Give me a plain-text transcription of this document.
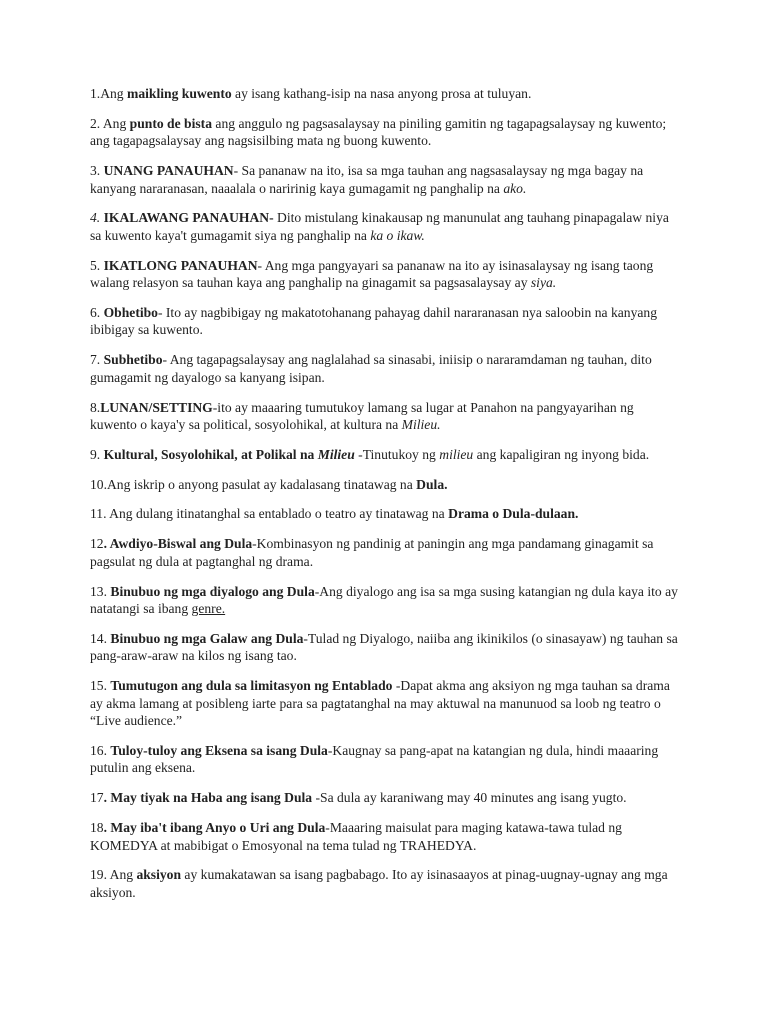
1.Ang maikling kuwento ay isang kathang-isip na nasa anyong prosa at tuluyan.

2. Ang punto de bista ang anggulo ng pagsasalaysay na piniling gamitin ng tagapagsalaysay ng kuwento; ang tagapagsalaysay ang nagsisilbing mata ng buong kuwento.

3. UNANG PANAUHAN- Sa pananaw na ito, isa sa mga tauhan ang nagsasalaysay ng mga bagay na kanyang nararanasan, naaalala o naririnig kaya gumagamit ng panghalip na ako.

4. IKALAWANG PANAUHAN- Dito mistulang kinakausap ng manunulat ang tauhang pinapagalaw niya sa kuwento kaya't gumagamit siya ng panghalip na ka o ikaw.

5. IKATLONG PANAUHAN- Ang mga pangyayari sa pananaw na ito ay isinasalaysay ng isang taong walang relasyon sa tauhan kaya ang panghalip na ginagamit sa pagsasalaysay ay siya.

6. Obhetibo- Ito ay nagbibigay ng makatotohanang pahayag dahil nararanasan nya saloobin na kanyang ibibigay sa kuwento.

7. Subhetibo- Ang tagapagsalaysay ang naglalahad sa sinasabi, iniisip o nararamdaman ng tauhan, dito gumagamit ng dayalogo sa kanyang isipan.

8.LUNAN/SETTING-ito ay maaaring tumutukoy lamang sa lugar at Panahon na pangyayarihan ng kuwento o kaya'y sa political, sosyolohikal, at kultura na Milieu.

9. Kultural, Sosyolohikal, at Polikal na Milieu -Tinutukoy ng milieu ang kapaligiran ng inyong bida.

10.Ang iskrip o anyong pasulat ay kadalasang tinatawag na Dula.

11. Ang dulang itinatanghal sa entablado o teatro ay tinatawag na Drama o Dula-dulaan.

12. Awdiyo-Biswal ang Dula-Kombinasyon ng pandinig at paningin ang mga pandamang ginagamit sa pagsulat ng dula at pagtanghal ng drama.

13. Binubuo ng mga diyalogo ang Dula-Ang diyalogo ang isa sa mga susing katangian ng dula kaya ito ay natatangi sa ibang genre.

14. Binubuo ng mga Galaw ang Dula-Tulad ng Diyalogo, naiiba ang ikinikilos (o sinasayaw) ng tauhan sa pang-araw-araw na kilos ng isang tao.

15. Tumutugon ang dula sa limitasyon ng Entablado -Dapat akma ang aksiyon ng mga tauhan sa drama ay akma lamang at posibleng iarte para sa pagtatanghal na may aktuwal na manunuod sa loob ng teatro o “Live audience.”

16. Tuloy-tuloy ang Eksena sa isang Dula-Kaugnay sa pang-apat na katangian ng dula, hindi maaaring putulin ang eksena.

17. May tiyak na Haba ang isang Dula -Sa dula ay karaniwang may 40 minutes ang isang yugto.

18. May iba't ibang Anyo o Uri ang Dula-Maaaring maisulat para maging katawa-tawa tulad ng KOMEDYA at mabibigat o Emosyonal na tema tulad ng TRAHEDYA.

19. Ang aksiyon ay kumakatawan sa isang pagbabago. Ito ay isinasaayos at pinag-uugnay-ugnay ang mga aksiyon.
